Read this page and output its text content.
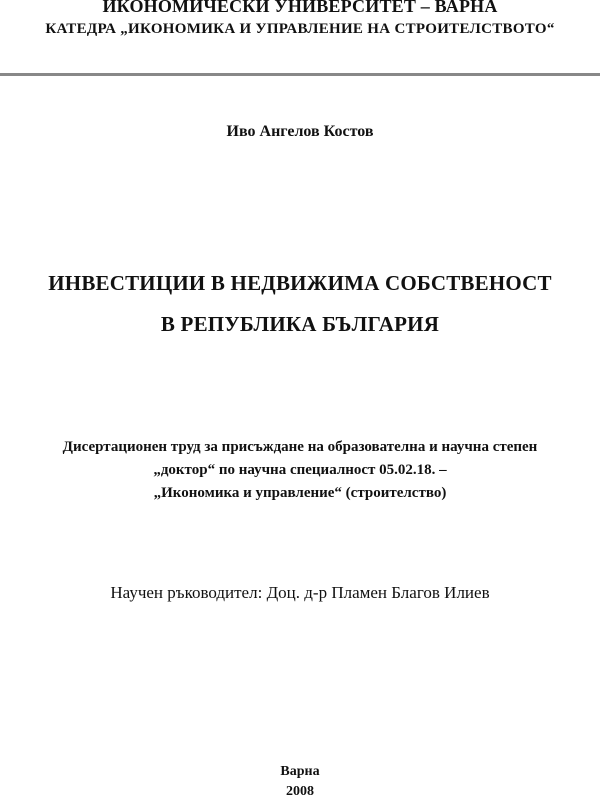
ИКОНОМИЧЕСКИ УНИВЕРСИТЕТ – ВАРНА
КАТЕДРА „ИКОНОМИКА И УПРАВЛЕНИЕ НА СТРОИТЕЛСТВОТО“
Иво Ангелов Костов
ИНВЕСТИЦИИ В НЕДВИЖИМА СОБСТВЕНОСТ
В РЕПУБЛИКА БЪЛГАРИЯ
Дисертационен труд за присъждане на образователна и научна степен
„доктор“ по научна специалност 05.02.18. –
„Икономика и управление“ (строителство)
Научен ръководител: Доц. д-р Пламен Благов Илиев
Варна
2008
